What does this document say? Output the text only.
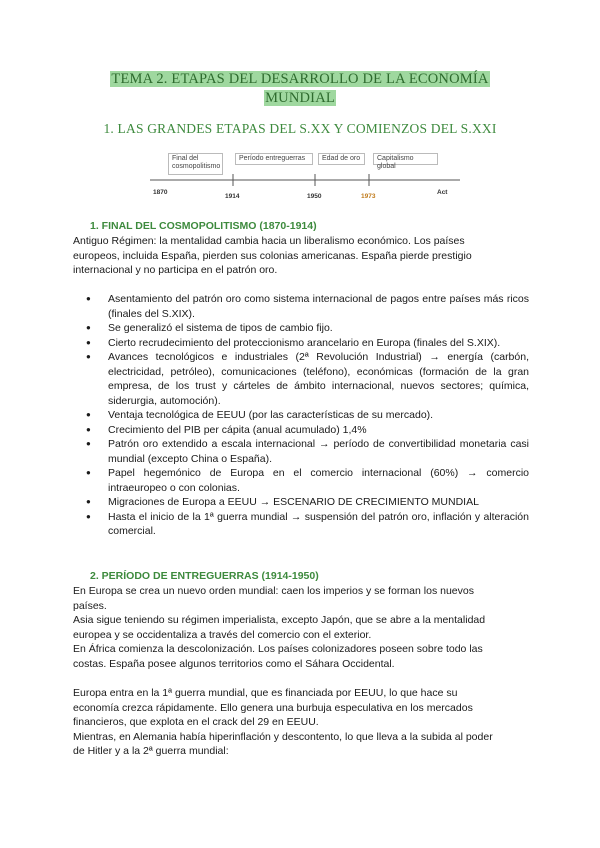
TEMA 2. ETAPAS DEL DESARROLLO DE LA ECONOMÍA
MUNDIAL
1. LAS GRANDES ETAPAS DEL S.XX Y COMIENZOS DEL S.XXI
Final del cosmopolitismo
Período entreguerras	Edad de oro	Capitalismo global
1870
1914	1950	1973
Act
1. FINAL DEL COSMOPOLITISMO (1870-1914)
Antiguo Régimen: la mentalidad cambia hacia un liberalismo económico. Los países
europeos, incluida España, pierden sus colonias americanas. España pierde prestigio
internacional y no participa en el patrón oro.
● Asentamiento del patrón oro como sistema internacional de pagos entre países más ricos (finales del S.XIX).
● Se generalizó el sistema de tipos de cambio fijo.
● Cierto recrudecimiento del proteccionismo arancelario en Europa (finales del S.XIX).
● Avances tecnológicos e industriales (2ª Revolución Industrial) → energía (carbón, electricidad, petróleo), comunicaciones (teléfono), económicas (formación de la gran empresa, de los trust y cárteles de ámbito internacional, nuevos sectores; química, siderurgia, automoción).
● Ventaja tecnológica de EEUU (por las características de su mercado).
● Crecimiento del PIB per cápita (anual acumulado) 1,4%
● Patrón oro extendido a escala internacional → período de convertibilidad monetaria casi mundial (excepto China o España).
● Papel hegemónico de Europa en el comercio internacional (60%) → comercio intraeuropeo o con colonias.
● Migraciones de Europa a EEUU → ESCENARIO DE CRECIMIENTO MUNDIAL
● Hasta el inicio de la 1ª guerra mundial → suspensión del patrón oro, inflación y alteración comercial.
2. PERÍODO DE ENTREGUERRAS (1914-1950)
En Europa se crea un nuevo orden mundial: caen los imperios y se forman los nuevos
países.
Asia sigue teniendo su régimen imperialista, excepto Japón, que se abre a la mentalidad
europea y se occidentaliza a través del comercio con el exterior.
En África comienza la descolonización. Los países colonizadores poseen sobre todo las
costas. España posee algunos territorios como el Sáhara Occidental.
Europa entra en la 1ª guerra mundial, que es financiada por EEUU, lo que hace su
economía crezca rápidamente. Ello genera una burbuja especulativa en los mercados
financieros, que explota en el crack del 29 en EEUU.
Mientras, en Alemania había hiperinflación y descontento, lo que lleva a la subida al poder
de Hitler y a la 2ª guerra mundial:
